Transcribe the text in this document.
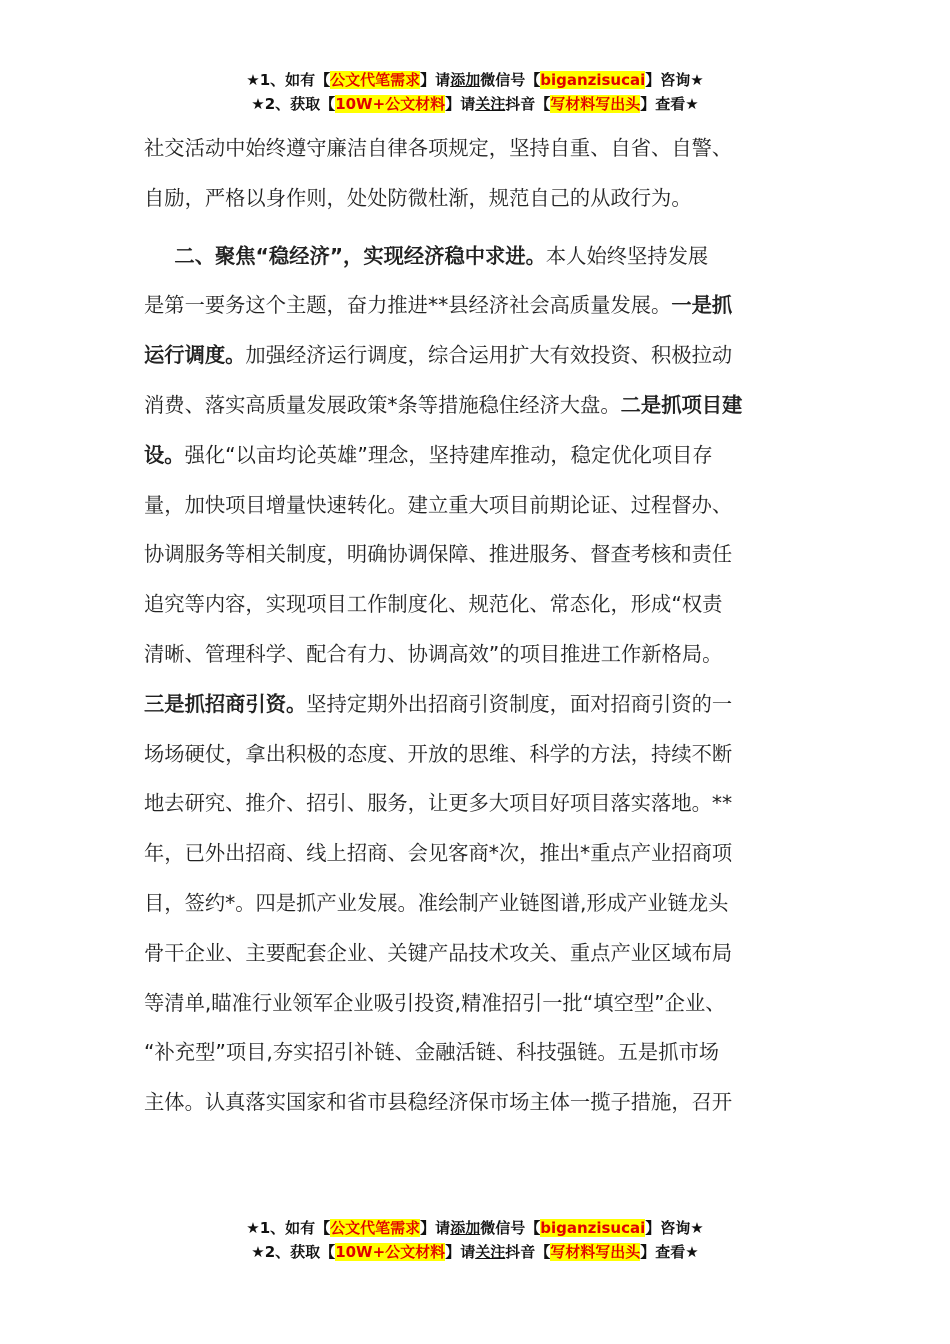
★1、如有【公文代笔需求】请添加微信号【biganzisucai】咨询★
★2、获取【10W+公文材料】请关注抖音【写材料写出头】查看★
社交活动中始终遵守廉洁自律各项规定，坚持自重、自省、自警、
自励，严格以身作则，处处防微杜渐，规范自己的从政行为。
  二、聚焦“稳经济”，实现经济稳中求进。本人始终坚持发展
是第一要务这个主题，奋力推进**县经济社会高质量发展。一是抓
运行调度。加强经济运行调度，综合运用扩大有效投资、积极拉动
消费、落实高质量发展政策*条等措施稳住经济大盘。二是抓项目建
设。强化“以亩均论英雄”理念，坚持建库推动，稳定优化项目存
量，加快项目增量快速转化。建立重大项目前期论证、过程督办、
协调服务等相关制度，明确协调保障、推进服务、督查考核和责任
追究等内容，实现项目工作制度化、规范化、常态化，形成“权责
清晰、管理科学、配合有力、协调高效”的项目推进工作新格局。
三是抓招商引资。坚持定期外出招商引资制度，面对招商引资的一
场场硬仗，拿出积极的态度、开放的思维、科学的方法，持续不断
地去研究、推介、招引、服务，让更多大项目好项目落实落地。**
年，已外出招商、线上招商、会见客商*次，推出*重点产业招商项
目，签约*。四是抓产业发展。准绘制产业链图谱,形成产业链龙头
骨干企业、主要配套企业、关键产品技术攻关、重点产业区域布局
等清单,瞄准行业领军企业吸引投资,精准招引一批“填空型”企业、
“补充型”项目,夯实招引补链、金融活链、科技强链。五是抓市场
主体。认真落实国家和省市县稳经济保市场主体一揽子措施，召开
★1、如有【公文代笔需求】请添加微信号【biganzisucai】咨询★
★2、获取【10W+公文材料】请关注抖音【写材料写出头】查看★
